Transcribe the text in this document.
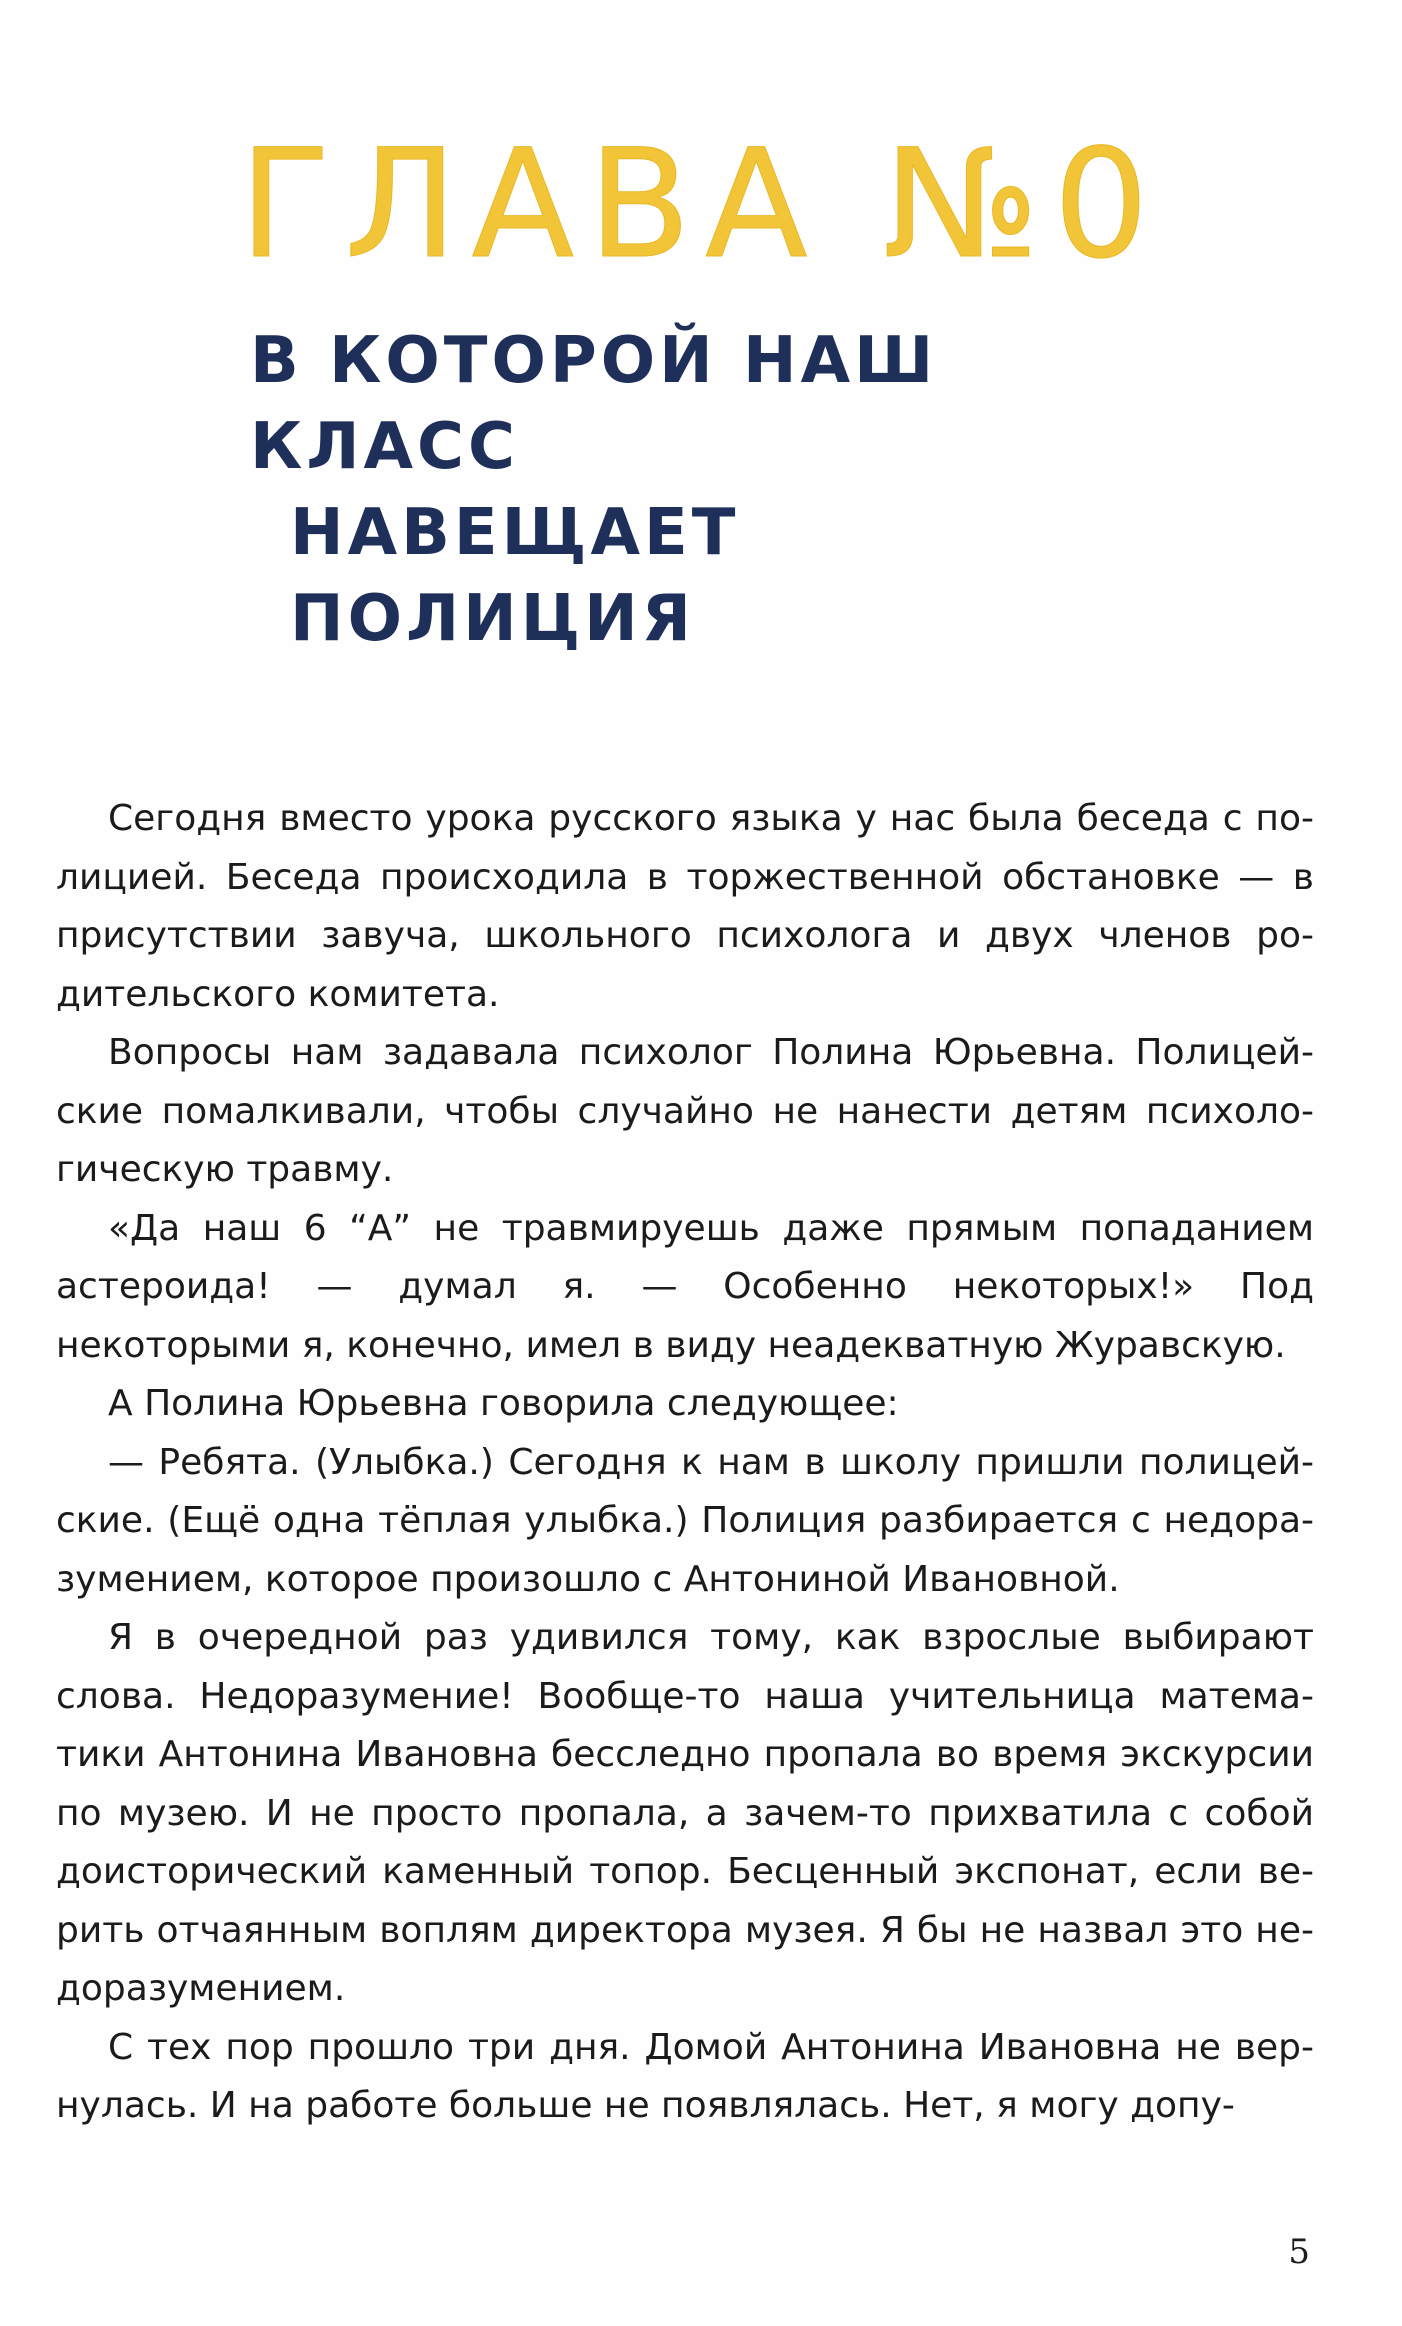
ГЛАВА №0
В КОТОРОЙ НАШ КЛАСС
НАВЕЩАЕТ ПОЛИЦИЯ

Сегодня вместо урока русского языка у нас была беседа с полицией. Беседа происходила в торжественной обстановке — в присутствии завуча, школьного психолога и двух членов родительского комитета.

Вопросы нам задавала психолог Полина Юрьевна. Полицейские помалкивали, чтобы случайно не нанести детям психологическую травму.

«Да наш 6 “А” не травмируешь даже прямым попаданием астероида! — думал я. — Особенно некоторых!» Под некоторыми я, конечно, имел в виду неадекватную Журавскую.

А Полина Юрьевна говорила следующее:

— Ребята. (Улыбка.) Сегодня к нам в школу пришли полицейские. (Ещё одна тёплая улыбка.) Полиция разбирается с недоразумением, которое произошло с Антониной Ивановной.

Я в очередной раз удивился тому, как взрослые выбирают слова. Недоразумение! Вообще-то наша учительница математики Антонина Ивановна бесследно пропала во время экскурсии по музею. И не просто пропала, а зачем-то прихватила с собой доисторический каменный топор. Бесценный экспонат, если верить отчаянным воплям директора музея. Я бы не назвал это недоразумением.

С тех пор прошло три дня. Домой Антонина Ивановна не вернулась. И на работе больше не появлялась. Нет, я могу допу-

5
